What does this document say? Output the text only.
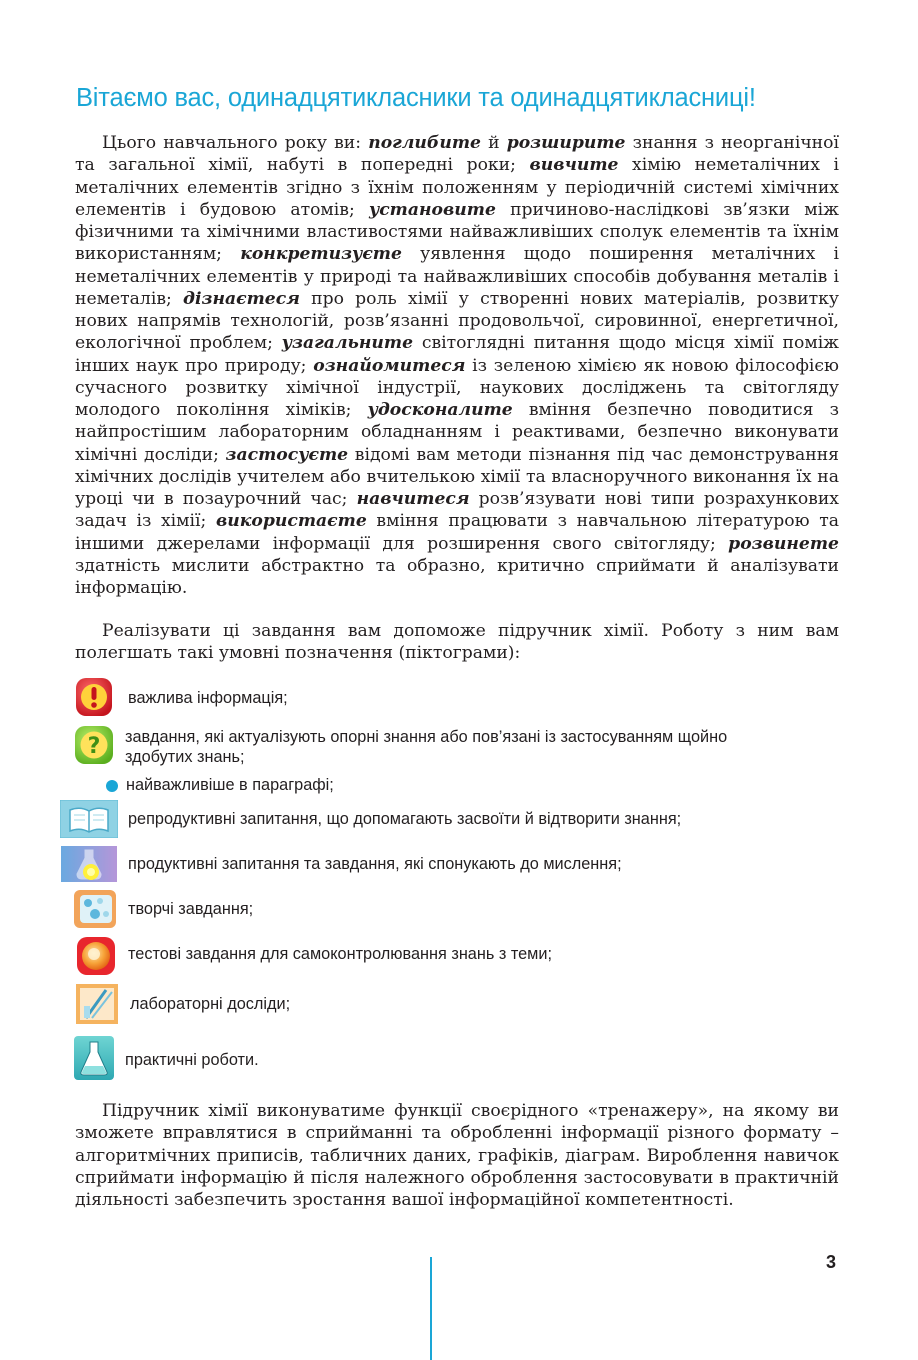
Вітаємо вас, одинадцятикласники та одинадцятикласниці!

Цього навчального року ви: поглибите й розширите знання з неорганічної та загальної хімії, набуті в попередні роки; вивчите хімію неметалічних і металічних елементів згідно з їхнім положенням у періодичній системі хімічних елементів і будовою атомів; установите причиново-наслідкові зв’язки між фізичними та хімічними властивостями найважливіших сполук елементів та їхнім використанням; конкретизуєте уявлення щодо поширення металічних і неметалічних елементів у природі та найважливіших способів добування металів і неметалів; дізнаєтеся про роль хімії у створенні нових матеріалів, розвитку нових напрямів технологій, розв’язанні продовольчої, сировинної, енергетичної, екологічної проблем; узагальните світоглядні питання щодо місця хімії поміж інших наук про природу; ознайомитеся із зеленою хімією як новою філософією сучасного розвитку хімічної індустрії, наукових досліджень та світогляду молодого покоління хіміків; удосконалите вміння безпечно поводитися з найпростішим лабораторним обладнанням і реактивами, безпечно виконувати хімічні досліди; застосуєте відомі вам методи пізнання під час демонстрування хімічних дослідів учителем або вчителькою хімії та власноручного виконання їх на уроці чи в позаурочний час; навчитеся розв’язувати нові типи розрахункових задач із хімії; використаєте вміння працювати з навчальною літературою та іншими джерелами інформації для розширення свого світогляду; розвинете здатність мислити абстрактно та образно, критично сприймати й аналізувати інформацію.

Реалізувати ці завдання вам допоможе підручник хімії. Роботу з ним вам полегшать такі умовні позначення (піктограми):

важлива інформація;
? завдання, які актуалізують опорні знання або пов’язані із застосуванням щойно
здобутих знань;
найважливіше в параграфі;
репродуктивні запитання, що допомагають засвоїти й відтворити знання;
продуктивні запитання та завдання, які спонукають до мислення;
творчі завдання;
тестові завдання для самоконтролювання знань з теми;
лабораторні досліди;
практичні роботи.

Підручник хімії виконуватиме функції своєрідного «тренажеру», на якому ви зможете вправлятися в сприйманні та обробленні інформації різного формату – алгоритмічних приписів, табличних даних, графіків, діаграм. Вироблення навичок сприймати інформацію й після належного оброблення застосовувати в практичній діяльності забезпечить зростання вашої інформаційної компетентності.

3
